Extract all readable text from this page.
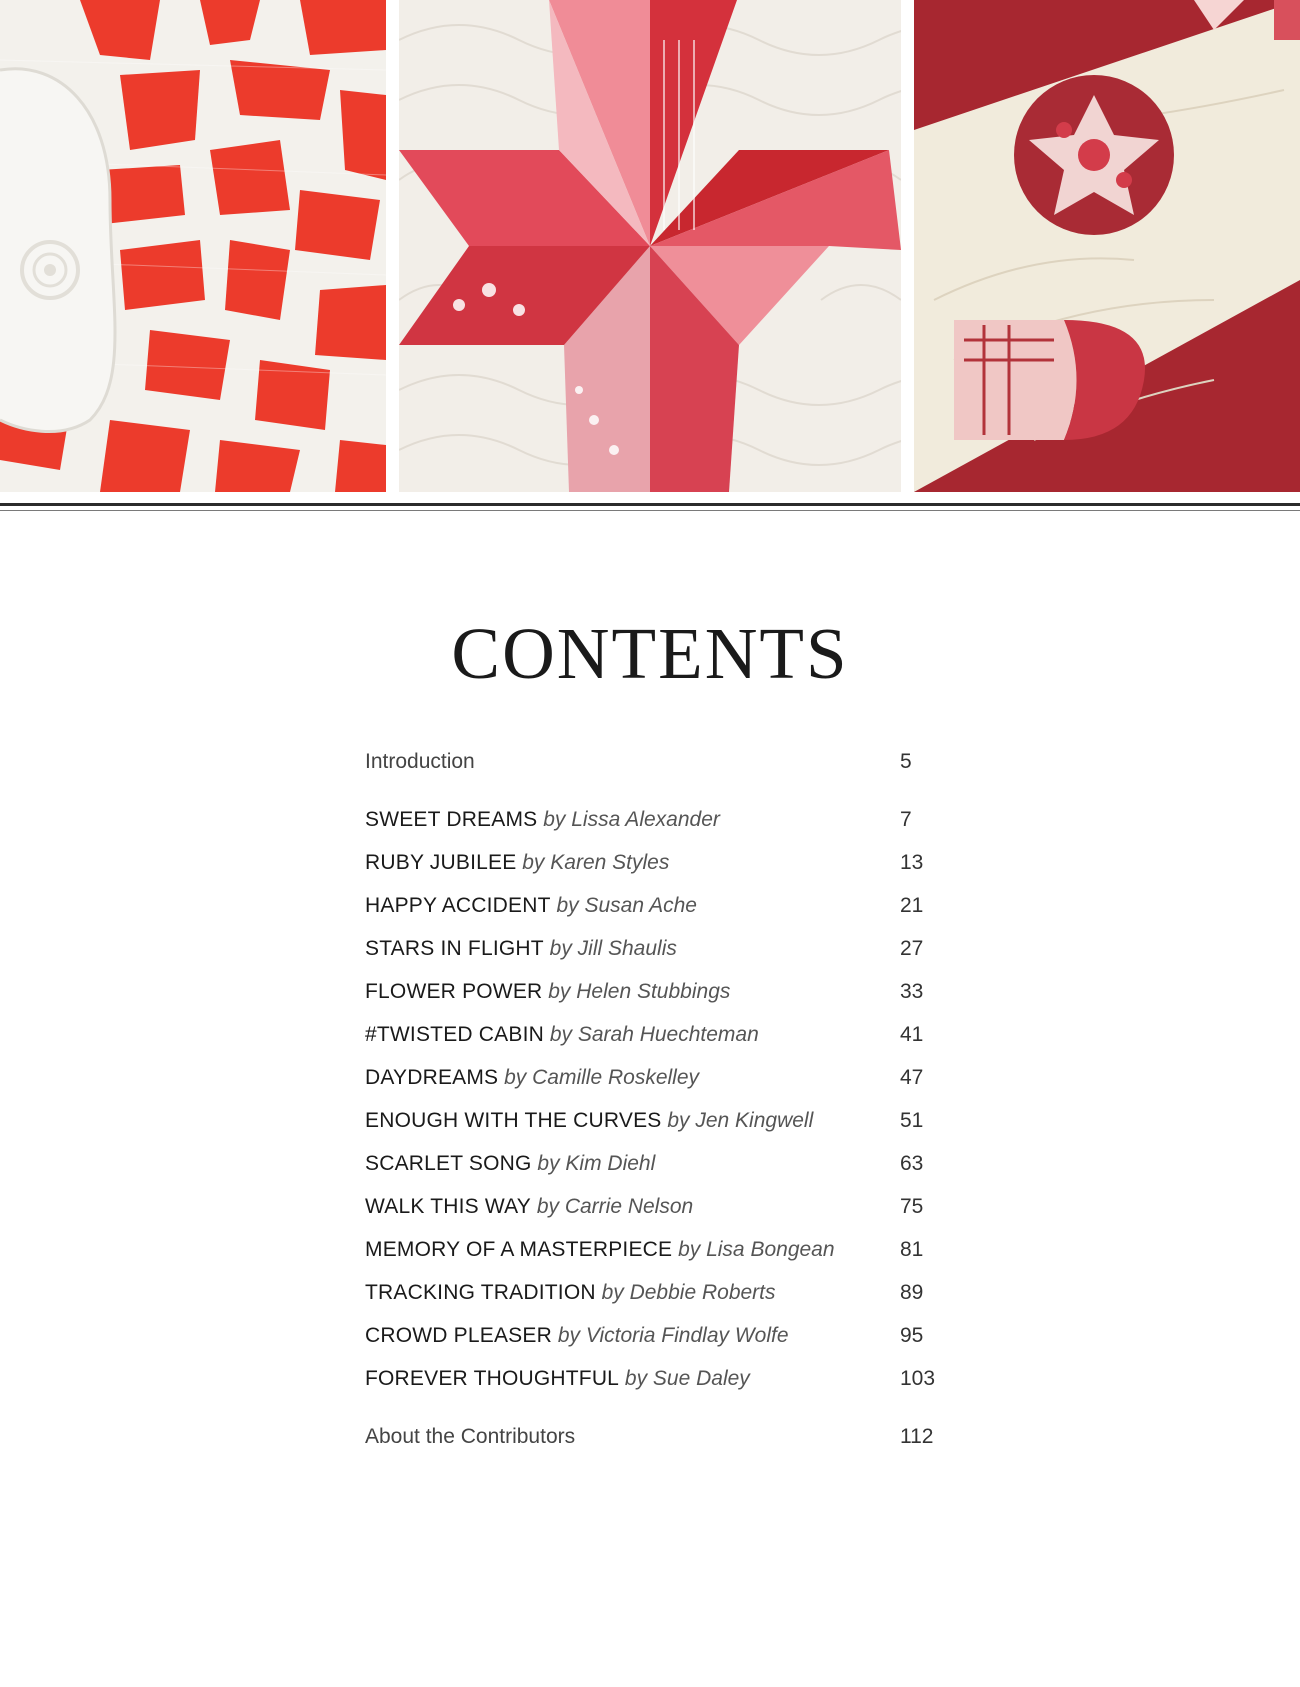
CONTENTS
Introduction	5
SWEET DREAMS by Lissa Alexander	7
RUBY JUBILEE by Karen Styles	13
HAPPY ACCIDENT by Susan Ache	21
STARS IN FLIGHT by Jill Shaulis	27
FLOWER POWER by Helen Stubbings	33
#TWISTED CABIN by Sarah Huechteman	41
DAYDREAMS by Camille Roskelley	47
ENOUGH WITH THE CURVES by Jen Kingwell	51
SCARLET SONG by Kim Diehl	63
WALK THIS WAY by Carrie Nelson	75
MEMORY OF A MASTERPIECE by Lisa Bongean	81
TRACKING TRADITION by Debbie Roberts	89
CROWD PLEASER by Victoria Findlay Wolfe	95
FOREVER THOUGHTFUL by Sue Daley	103
About the Contributors	112
